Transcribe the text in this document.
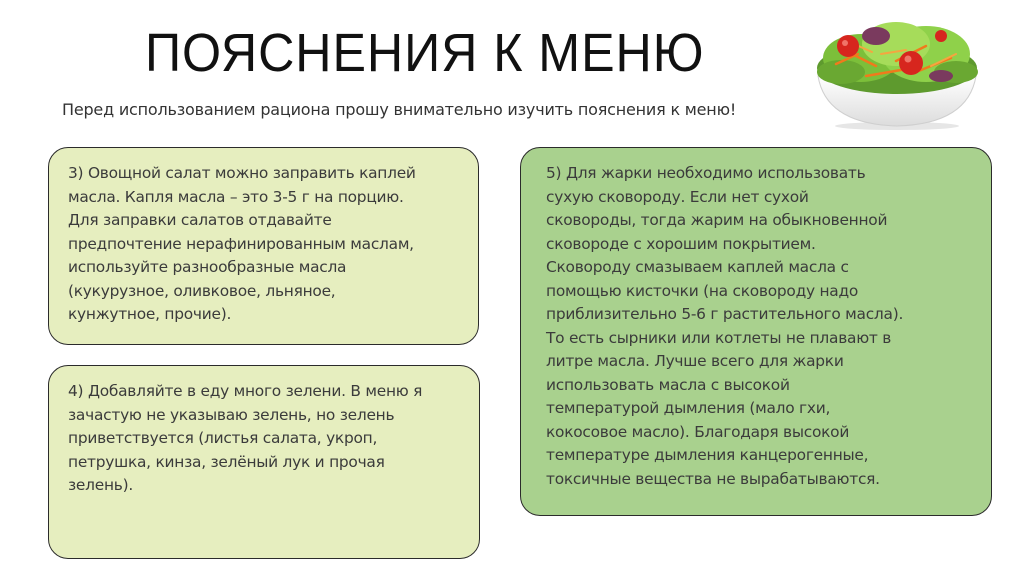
ПОЯСНЕНИЯ К МЕНЮ
Перед использованием рациона прошу внимательно изучить пояснения к меню!

3) Овощной салат можно заправить каплей

масла. Капля масла – это 3-5 г на порцию.

Для заправки салатов отдавайте

предпочтение нерафинированным маслам,

используйте разнообразные масла

(кукурузное, оливковое, льняное,

кунжутное, прочие).

4) Добавляйте в еду много зелени. В меню я

зачастую не указываю зелень, но зелень

приветствуется (листья салата, укроп,

петрушка, кинза, зелёный лук и прочая

зелень).

5) Для жарки необходимо использовать

сухую сковороду. Если нет сухой

сковороды, тогда жарим на обыкновенной

сковороде с хорошим покрытием.

Сковороду смазываем каплей масла с

помощью кисточки (на сковороду надо

приблизительно 5-6 г растительного масла).

То есть сырники или котлеты не плавают в

литре масла. Лучше всего для жарки

использовать масла с высокой

температурой дымления (мало гхи,

кокосовое масло). Благодаря высокой

температуре дымления канцерогенные,

токсичные вещества не вырабатываются.
